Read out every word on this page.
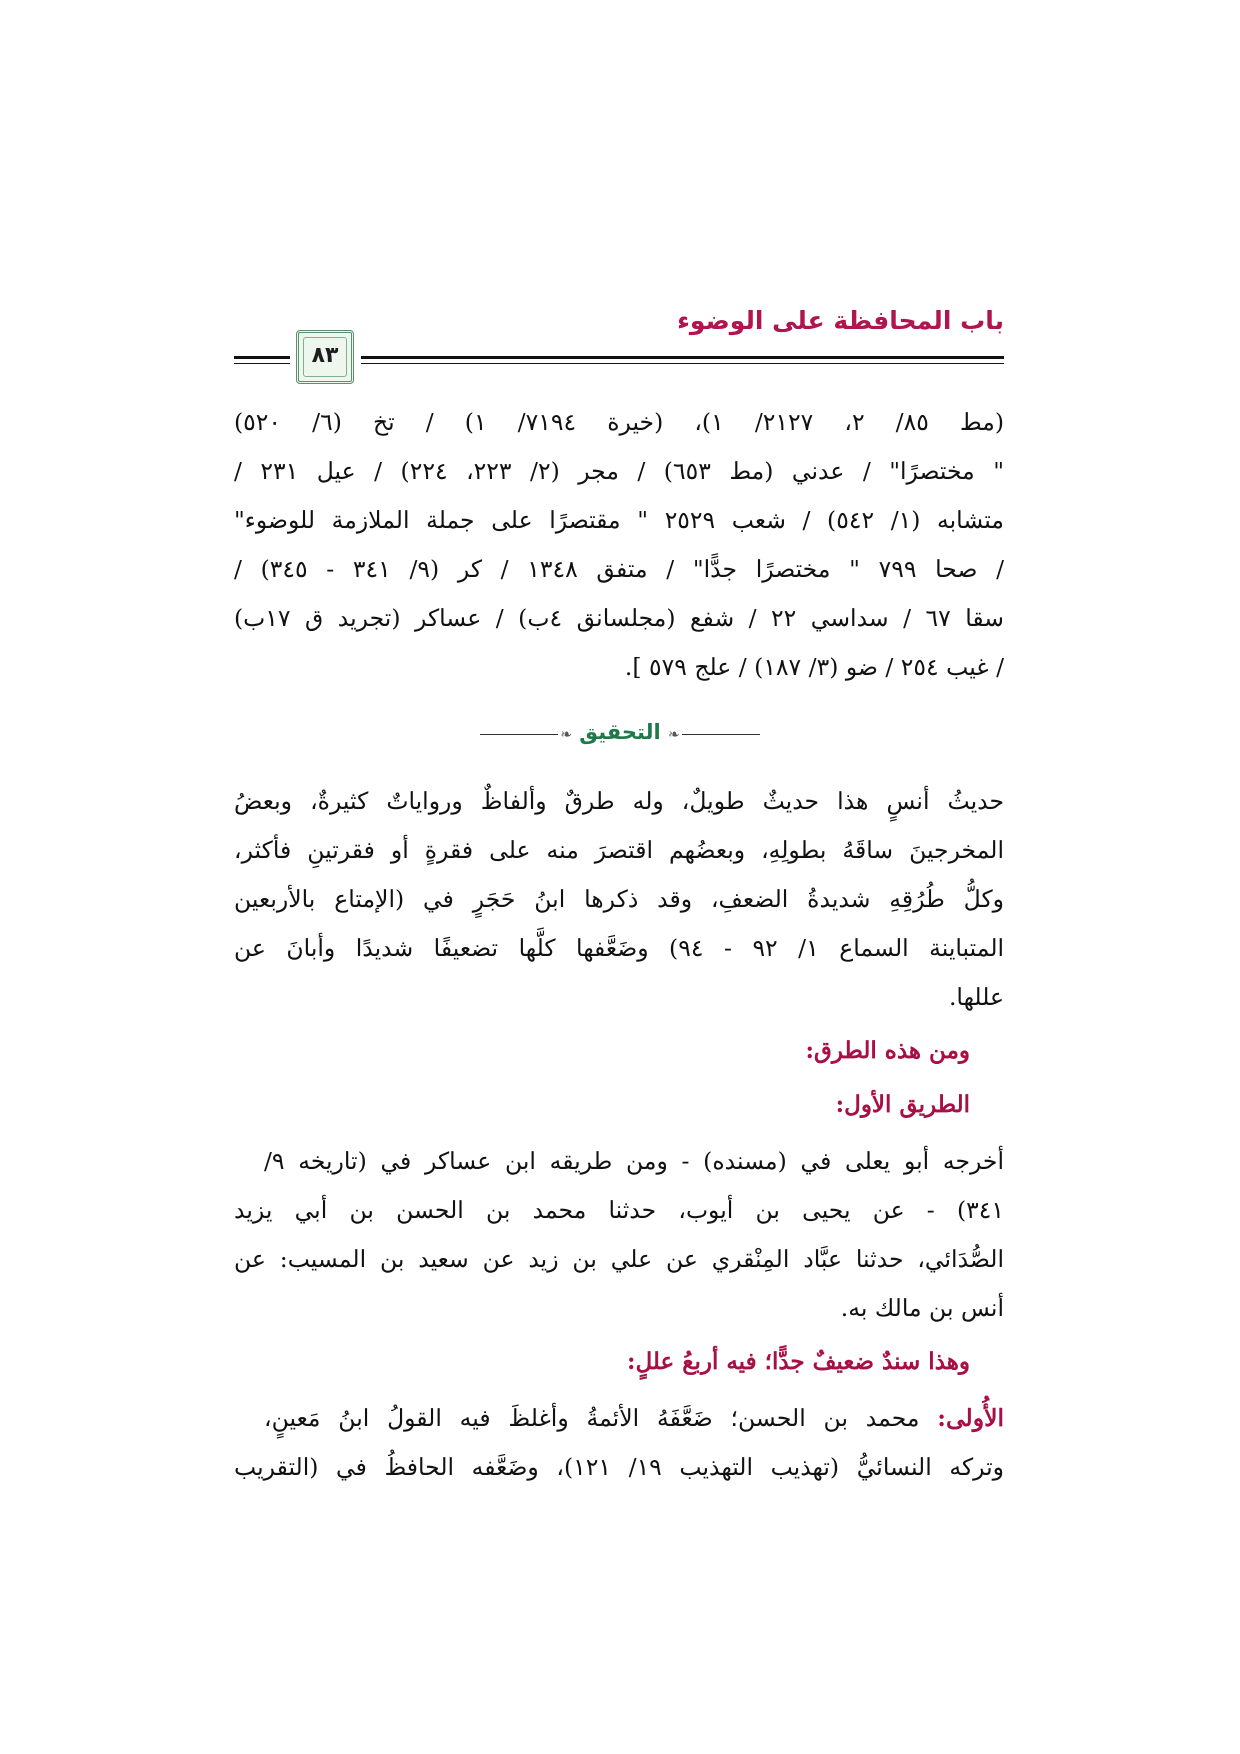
باب المحافظة على الوضوء
٨٣
(مط ٨٥/ ٢، ٢١٢٧/ ١)، (خيرة ٧١٩٤/ ١) / تخ (٦/ ٥٢٠)
" مختصرًا" / عدني (مط ٦٥٣) / مجر (٢/ ٢٢٣، ٢٢٤) / عيل ٢٣١ /
متشابه (١/ ٥٤٢) / شعب ٢٥٢٩ " مقتصرًا على جملة الملازمة للوضوء"
/ صحا ٧٩٩ " مختصرًا جدًّا" / متفق ١٣٤٨ / كر (٩/ ٣٤١ - ٣٤٥) /
سقا ٦٧ / سداسي ٢٢ / شفع (مجلسانق ٤ب) / عساكر (تجريد ق ١٧ب)
/ غيب ٢٥٤ / ضو (٣/ ١٨٧) / علج ٥٧٩ ].
❧ التحقيق ❧
حديثُ أنسٍ هذا حديثٌ طويلٌ، وله طرقٌ وألفاظٌ ورواياتٌ كثيرةٌ، وبعضُ
المخرجينَ ساقَهُ بطولِهِ، وبعضُهم اقتصرَ منه على فقرةٍ أو فقرتينِ فأكثر،
وكلُّ طُرُقِهِ شديدةُ الضعفِ، وقد ذكرها ابنُ حَجَرٍ في (الإمتاع بالأربعين
المتباينة السماع ١/ ٩٢ - ٩٤) وضَعَّفها كلَّها تضعيفًا شديدًا وأبانَ عن
عللها.
ومن هذه الطرق:
الطريق الأول:
أخرجه أبو يعلى في (مسنده) - ومن طريقه ابن عساكر في (تاريخه ٩/
٣٤١) - عن يحيى بن أيوب، حدثنا محمد بن الحسن بن أبي يزيد
الصُّدَائي، حدثنا عبَّاد المِنْقري عن علي بن زيد عن سعيد بن المسيب: عن
أنس بن مالك به.
وهذا سندٌ ضعيفٌ جدًّا؛ فيه أربعُ عللٍ:
الأُولى: محمد بن الحسن؛ ضَعَّفَهُ الأئمةُ وأغلظَ فيه القولُ ابنُ مَعينٍ،
وتركه النسائيُّ (تهذيب التهذيب ١٩/ ١٢١)، وضَعَّفه الحافظُ في (التقريب
